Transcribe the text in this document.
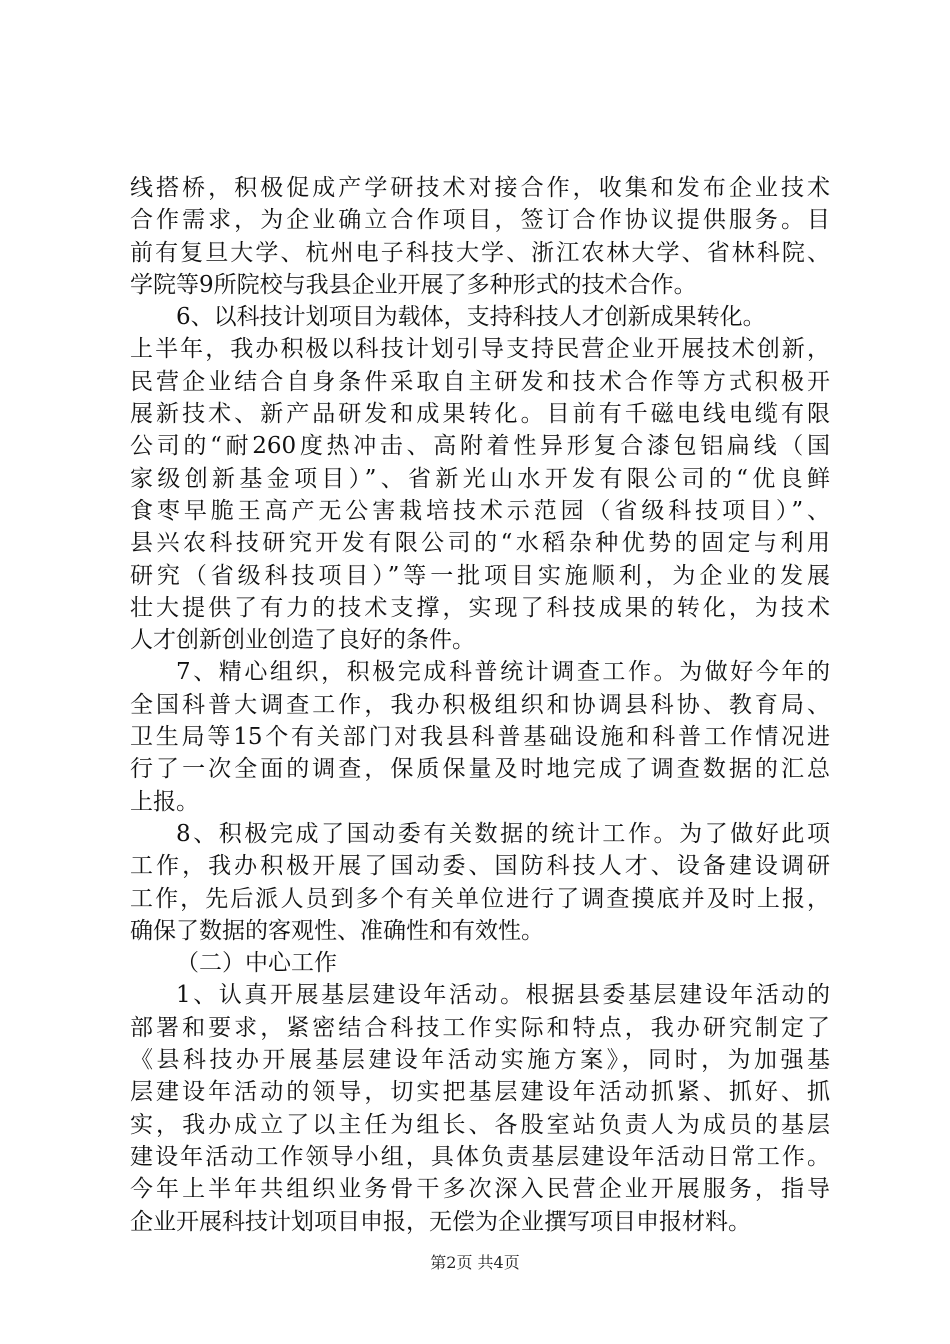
线搭桥，积极促成产学研技术对接合作，收集和发布企业技术
合作需求，为企业确立合作项目，签订合作协议提供服务。目
前有复旦大学、杭州电子科技大学、浙江农林大学、省林科院、
学院等9所院校与我县企业开展了多种形式的技术合作。
6、以科技计划项目为载体，支持科技人才创新成果转化。
上半年，我办积极以科技计划引导支持民营企业开展技术创新，
民营企业结合自身条件采取自主研发和技术合作等方式积极开
展新技术、新产品研发和成果转化。目前有千磁电线电缆有限
公司的“耐260度热冲击、高附着性异形复合漆包铝扁线（国
家级创新基金项目）”、省新光山水开发有限公司的“优良鲜
食枣早脆王高产无公害栽培技术示范园（省级科技项目）”、
县兴农科技研究开发有限公司的“水稻杂种优势的固定与利用
研究（省级科技项目）”等一批项目实施顺利，为企业的发展
壮大提供了有力的技术支撑，实现了科技成果的转化，为技术
人才创新创业创造了良好的条件。
7、精心组织，积极完成科普统计调查工作。为做好今年的
全国科普大调查工作，我办积极组织和协调县科协、教育局、
卫生局等15个有关部门对我县科普基础设施和科普工作情况进
行了一次全面的调查，保质保量及时地完成了调查数据的汇总
上报。
8、积极完成了国动委有关数据的统计工作。为了做好此项
工作，我办积极开展了国动委、国防科技人才、设备建设调研
工作，先后派人员到多个有关单位进行了调查摸底并及时上报，
确保了数据的客观性、准确性和有效性。
（二）中心工作
1、认真开展基层建设年活动。根据县委基层建设年活动的
部署和要求，紧密结合科技工作实际和特点，我办研究制定了
《县科技办开展基层建设年活动实施方案》，同时，为加强基
层建设年活动的领导，切实把基层建设年活动抓紧、抓好、抓
实，我办成立了以主任为组长、各股室站负责人为成员的基层
建设年活动工作领导小组，具体负责基层建设年活动日常工作。
今年上半年共组织业务骨干多次深入民营企业开展服务，指导
企业开展科技计划项目申报，无偿为企业撰写项目申报材料。
第2页 共4页
